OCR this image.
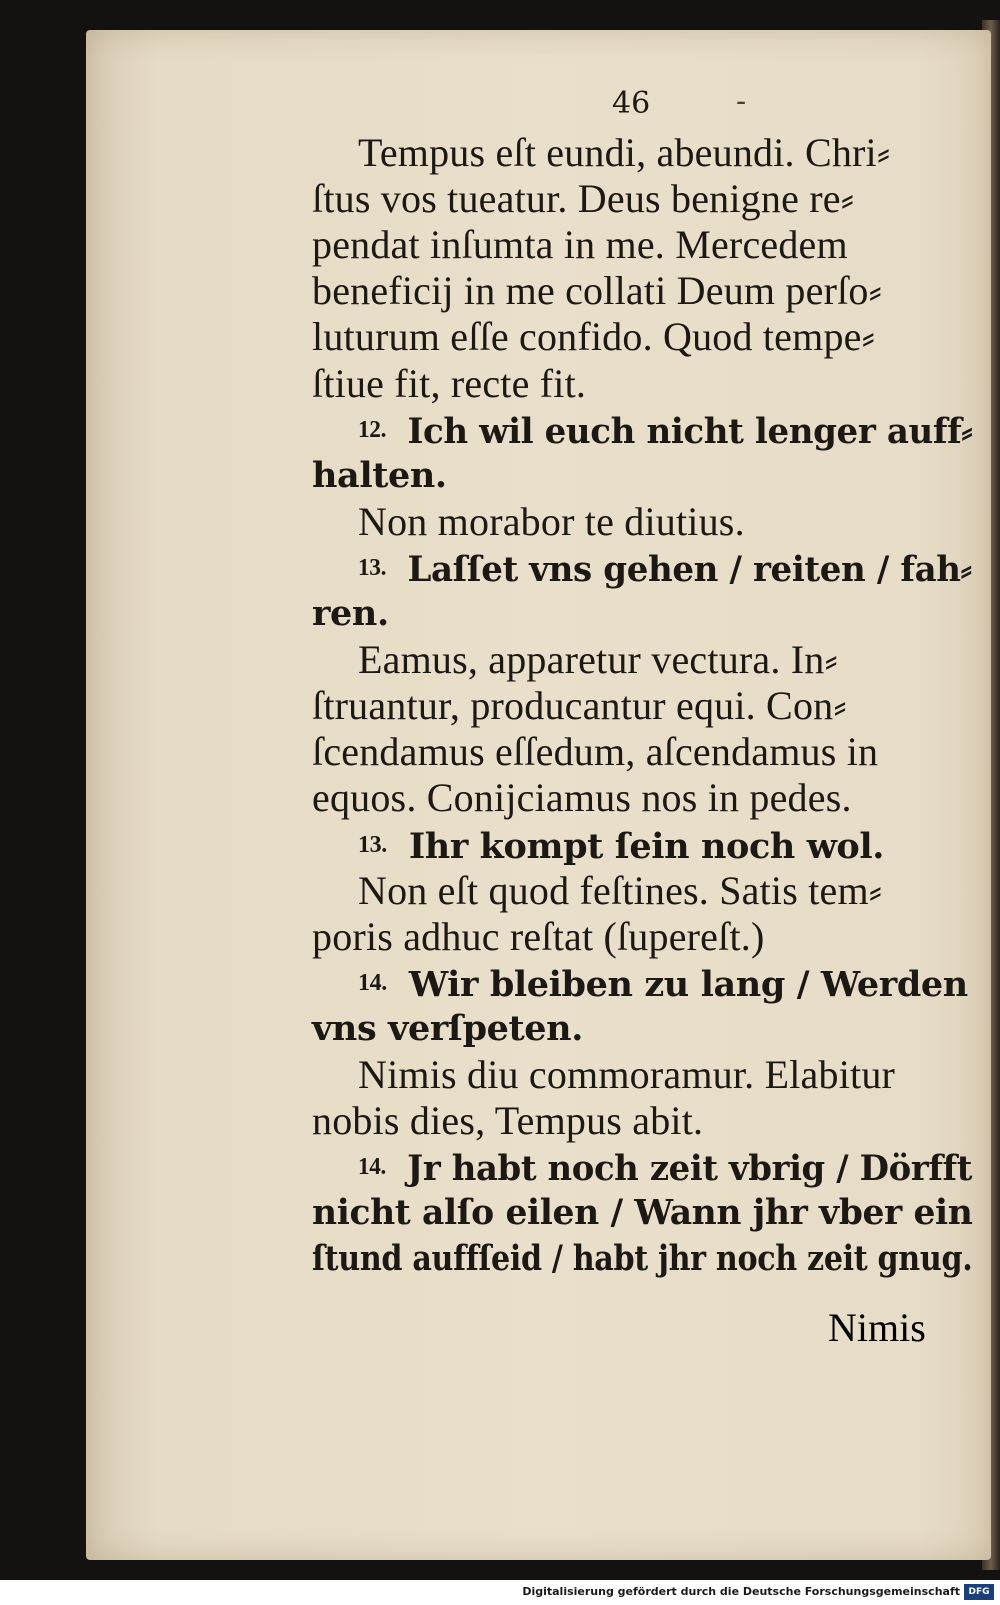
46	-
Tempus eſt eundi, abeundi. Chri⸗
ſtus vos tueatur. Deus benigne re⸗
pendat inſumta in me. Mercedem
beneficij in me collati Deum perſo⸗
luturum eſſe confido. Quod tempe⸗
ſtiue fit, recte fit.
12. Ich wil euch nicht lenger auff⸗
halten.
Non morabor te diutius.
13. Laſſet vns gehen / reiten / fah⸗
ren.
Eamus, apparetur vectura. In⸗
ſtruantur, producantur equi. Con⸗
ſcendamus eſſedum, aſcendamus in
equos. Conijciamus nos in pedes.
13. Ihr kompt ſein noch wol.
Non eſt quod feſtines. Satis tem⸗
poris adhuc reſtat (ſupereſt.)
14. Wir bleiben zu lang / Werden
vns verſpeten.
Nimis diu commoramur. Elabitur
nobis dies, Tempus abit.
14. Jr habt noch zeit vbrig / Dörfft
nicht alſo eilen / Wann jhr vber ein
ſtund auffſeid / habt jhr noch zeit gnug.
Nimis
Digitalisierung gefördert durch die Deutsche Forschungsgemeinschaft DFG
